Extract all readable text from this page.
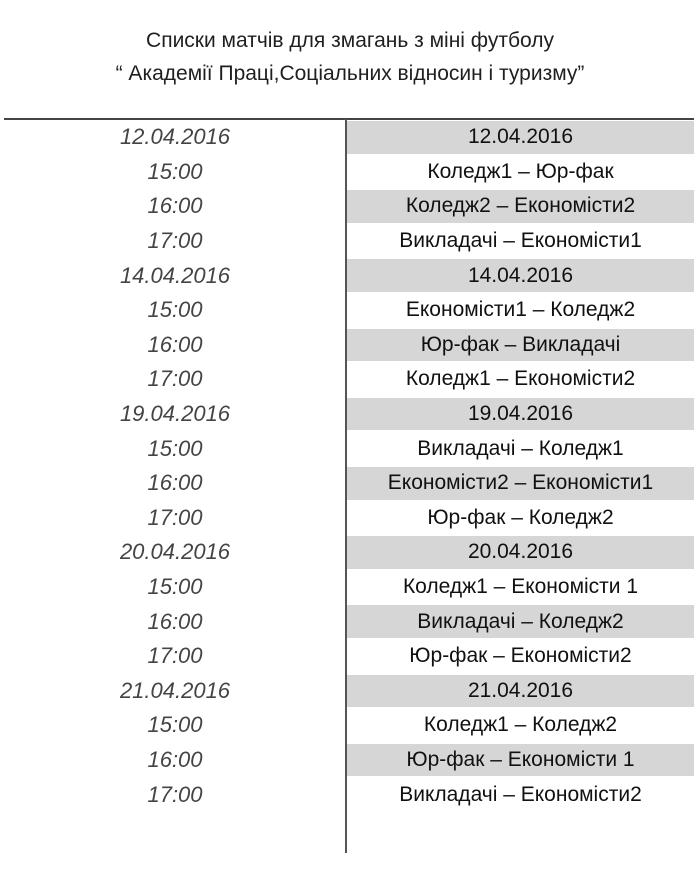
Списки матчів для змагань з міні футболу
“ Академії Праці,Соціальних відносин і туризму”
12.04.2016	12.04.2016
15:00	Коледж1 – Юр-фак
16:00	Коледж2 – Економісти2
17:00	Викладачі – Економісти1
14.04.2016	14.04.2016
15:00	Економісти1 – Коледж2
16:00	Юр-фак – Викладачі
17:00	Коледж1 – Економісти2
19.04.2016	19.04.2016
15:00	Викладачі – Коледж1
16:00	Економісти2 – Економісти1
17:00	Юр-фак – Коледж2
20.04.2016	20.04.2016
15:00	Коледж1 – Економісти 1
16:00	Викладачі – Коледж2
17:00	Юр-фак – Економісти2
21.04.2016	21.04.2016
15:00	Коледж1 – Коледж2
16:00	Юр-фак – Економісти 1
17:00	Викладачі – Економісти2
